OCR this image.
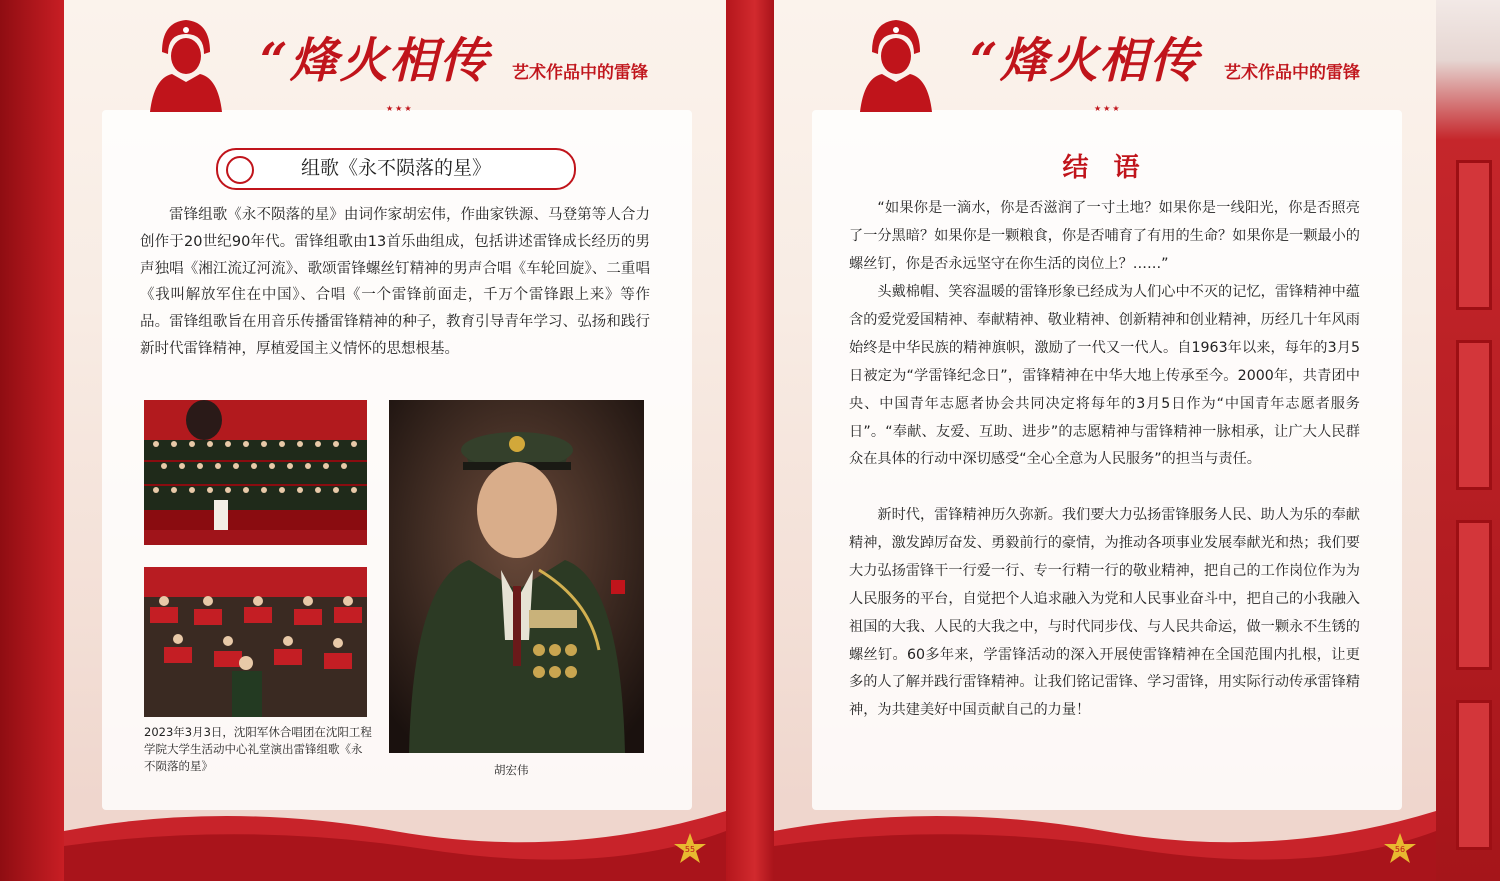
“烽火相传 艺术作品中的雷锋
★★★
组歌《永不陨落的星》
雷锋组歌《永不陨落的星》由词作家胡宏伟，作曲家铁源、马登第等人合力创作于20世纪90年代。雷锋组歌由13首乐曲组成，包括讲述雷锋成长经历的男声独唱《湘江流辽河流》、歌颂雷锋螺丝钉精神的男声合唱《车轮回旋》、二重唱《我叫解放军住在中国》、合唱《一个雷锋前面走，千万个雷锋跟上来》等作品。雷锋组歌旨在用音乐传播雷锋精神的种子，教育引导青年学习、弘扬和践行新时代雷锋精神，厚植爱国主义情怀的思想根基。
2023年3月3日，沈阳军休合唱团在沈阳工程学院大学生活动中心礼堂演出雷锋组歌《永不陨落的星》	胡宏伟
55
“烽火相传 艺术作品中的雷锋
★★★
结 语
“如果你是一滴水，你是否滋润了一寸土地？如果你是一线阳光，你是否照亮了一分黑暗？如果你是一颗粮食，你是否哺育了有用的生命？如果你是一颗最小的螺丝钉，你是否永远坚守在你生活的岗位上？……”
头戴棉帽、笑容温暖的雷锋形象已经成为人们心中不灭的记忆，雷锋精神中蕴含的爱党爱国精神、奉献精神、敬业精神、创新精神和创业精神，历经几十年风雨始终是中华民族的精神旗帜，激励了一代又一代人。自1963年以来，每年的3月5日被定为“学雷锋纪念日”，雷锋精神在中华大地上传承至今。2000年，共青团中央、中国青年志愿者协会共同决定将每年的3月5日作为“中国青年志愿者服务日”。“奉献、友爱、互助、进步”的志愿精神与雷锋精神一脉相承，让广大人民群众在具体的行动中深切感受“全心全意为人民服务”的担当与责任。
新时代，雷锋精神历久弥新。我们要大力弘扬雷锋服务人民、助人为乐的奉献精神，激发踔厉奋发、勇毅前行的豪情，为推动各项事业发展奉献光和热；我们要大力弘扬雷锋干一行爱一行、专一行精一行的敬业精神，把自己的工作岗位作为为人民服务的平台，自觉把个人追求融入为党和人民事业奋斗中，把自己的小我融入祖国的大我、人民的大我之中，与时代同步伐、与人民共命运，做一颗永不生锈的螺丝钉。60多年来，学雷锋活动的深入开展使雷锋精神在全国范围内扎根，让更多的人了解并践行雷锋精神。让我们铭记雷锋、学习雷锋，用实际行动传承雷锋精神，为共建美好中国贡献自己的力量！
56
